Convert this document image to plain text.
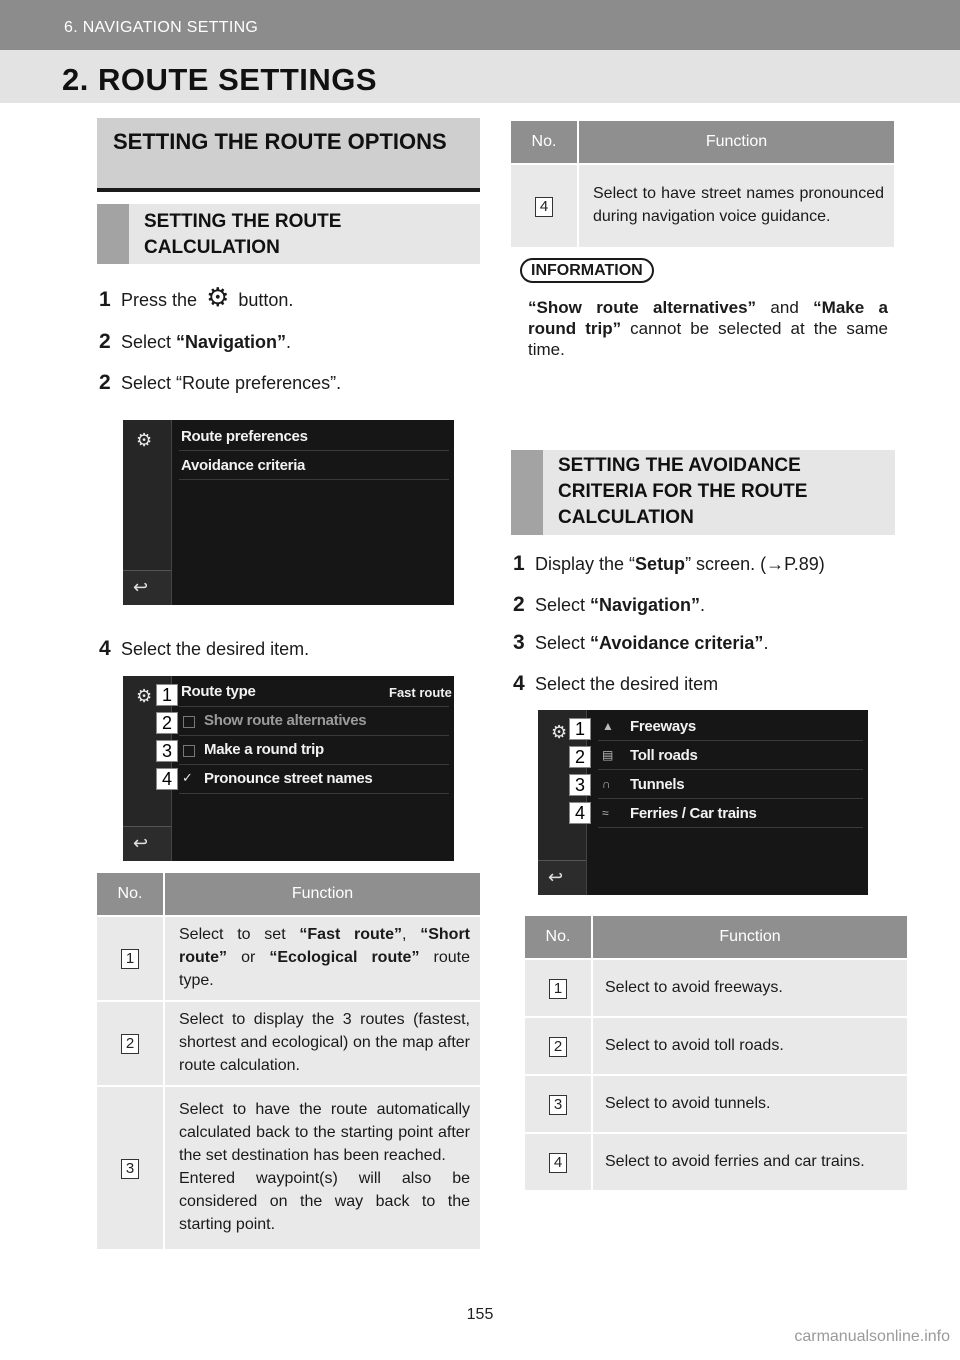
6. NAVIGATION SETTING
2. ROUTE SETTINGS
SETTING THE ROUTE OPTIONS
SETTING THE ROUTE CALCULATION
1 Press the ⚙ button.
2 Select “Navigation”.
2 Select “Route preferences”.
⚙ Route preferences
Avoidance criteria
↩
4 Select the desired item.
⚙ 1
2
3
4
Route type	Fast route
Show route alternatives
Make a round trip
✓ Pronounce street names
↩
No.	Function
1	Select to set “Fast route”, “Short route” or “Ecological route” route type.
2	Select to display the 3 routes (fastest, shortest and ecological) on the map after route calculation.
3	Select to have the route automatically calculated back to the starting point after the set destination has been reached.
Entered waypoint(s) will also be considered on the way back to the starting point.
No.	Function
4	Select to have street names pronounced during navigation voice guidance.
INFORMATION
“Show route alternatives” and “Make a round trip” cannot be selected at the same time.
SETTING THE AVOIDANCE CRITERIA FOR THE ROUTE CALCULATION
1 Display the “Setup” screen. (→P.89)
2 Select “Navigation”.
3 Select “Avoidance criteria”.
4 Select the desired item
⚙ 1
2
3
4
▲ Freeways
▤ Toll roads
∩ Tunnels
≈ Ferries / Car trains
↩
No.	Function
1	Select to avoid freeways.
2	Select to avoid toll roads.
3	Select to avoid tunnels.
4	Select to avoid ferries and car trains.
155
carmanualsonline.info
